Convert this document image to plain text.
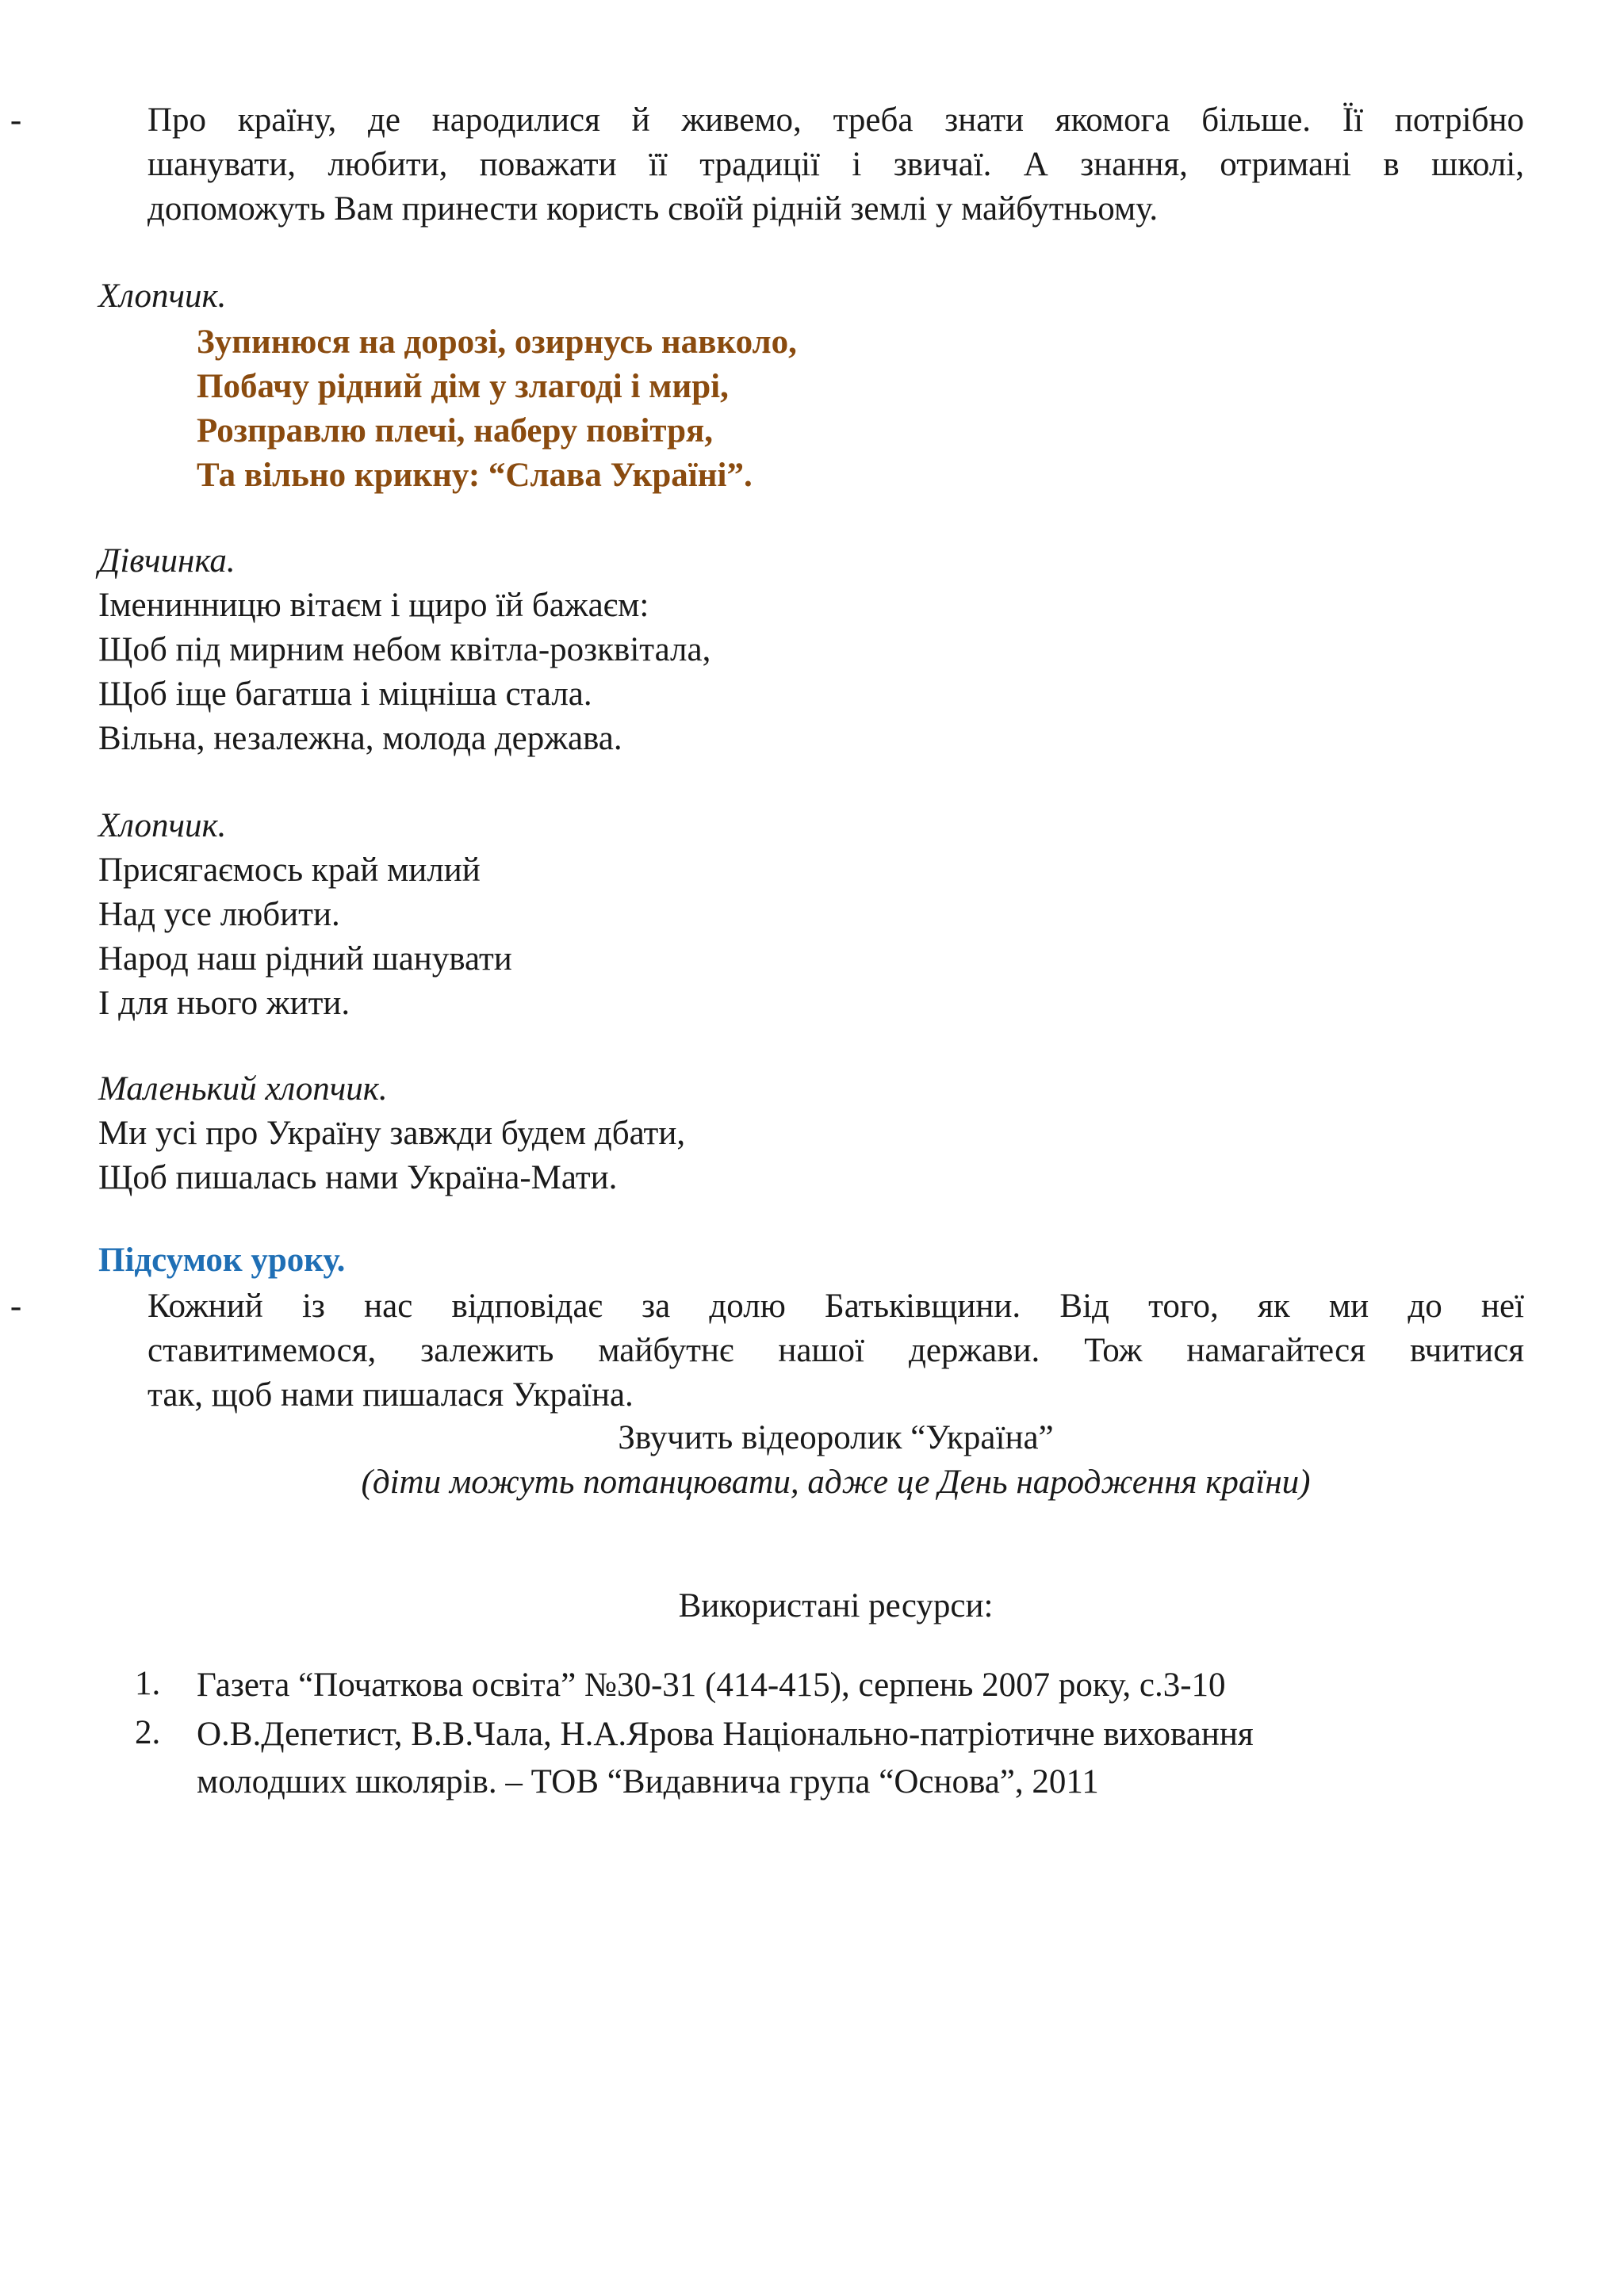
-	Про країну, де народилися й живемо, треба знати якомога більше. Її потрібно
шанувати, любити, поважати її традиції і звичаї. А знання, отримані в школі,
допоможуть Вам принести користь своїй рідній землі у майбутньому.
Хлопчик.
Зупинюся на дорозі, озирнусь навколо,
Побачу рідний дім у злагоді і мирі,
Розправлю плечі, наберу повітря,
Та вільно крикну: “Слава Україні”.
Дівчинка.
Іменинницю вітаєм і щиро їй бажаєм:
Щоб під мирним небом квітла-розквітала,
Щоб іще багатша і міцніша стала.
Вільна, незалежна, молода держава.
Хлопчик.
Присягаємось край милий
Над усе любити.
Народ наш рідний шанувати
І для нього жити.
Маленький хлопчик.
Ми усі про Україну завжди будем дбати,
Щоб пишалась нами Україна-Мати.
Підсумок уроку.
-	Кожний із нас відповідає за долю Батьківщини. Від того, як ми до неї
ставитимемося, залежить майбутнє нашої держави. Тож намагайтеся вчитися
так, щоб нами пишалася Україна.
Звучить відеоролик “Україна”
(діти можуть потанцювати, адже це День народження країни)
Використані ресурси:
1.	Газета “Початкова освіта” №30-31 (414-415), серпень 2007 року, с.3-10
2.	О.В.Депетист, В.В.Чала, Н.А.Ярова Національно-патріотичне виховання
молодших школярів. – ТОВ “Видавнича група “Основа”, 2011
